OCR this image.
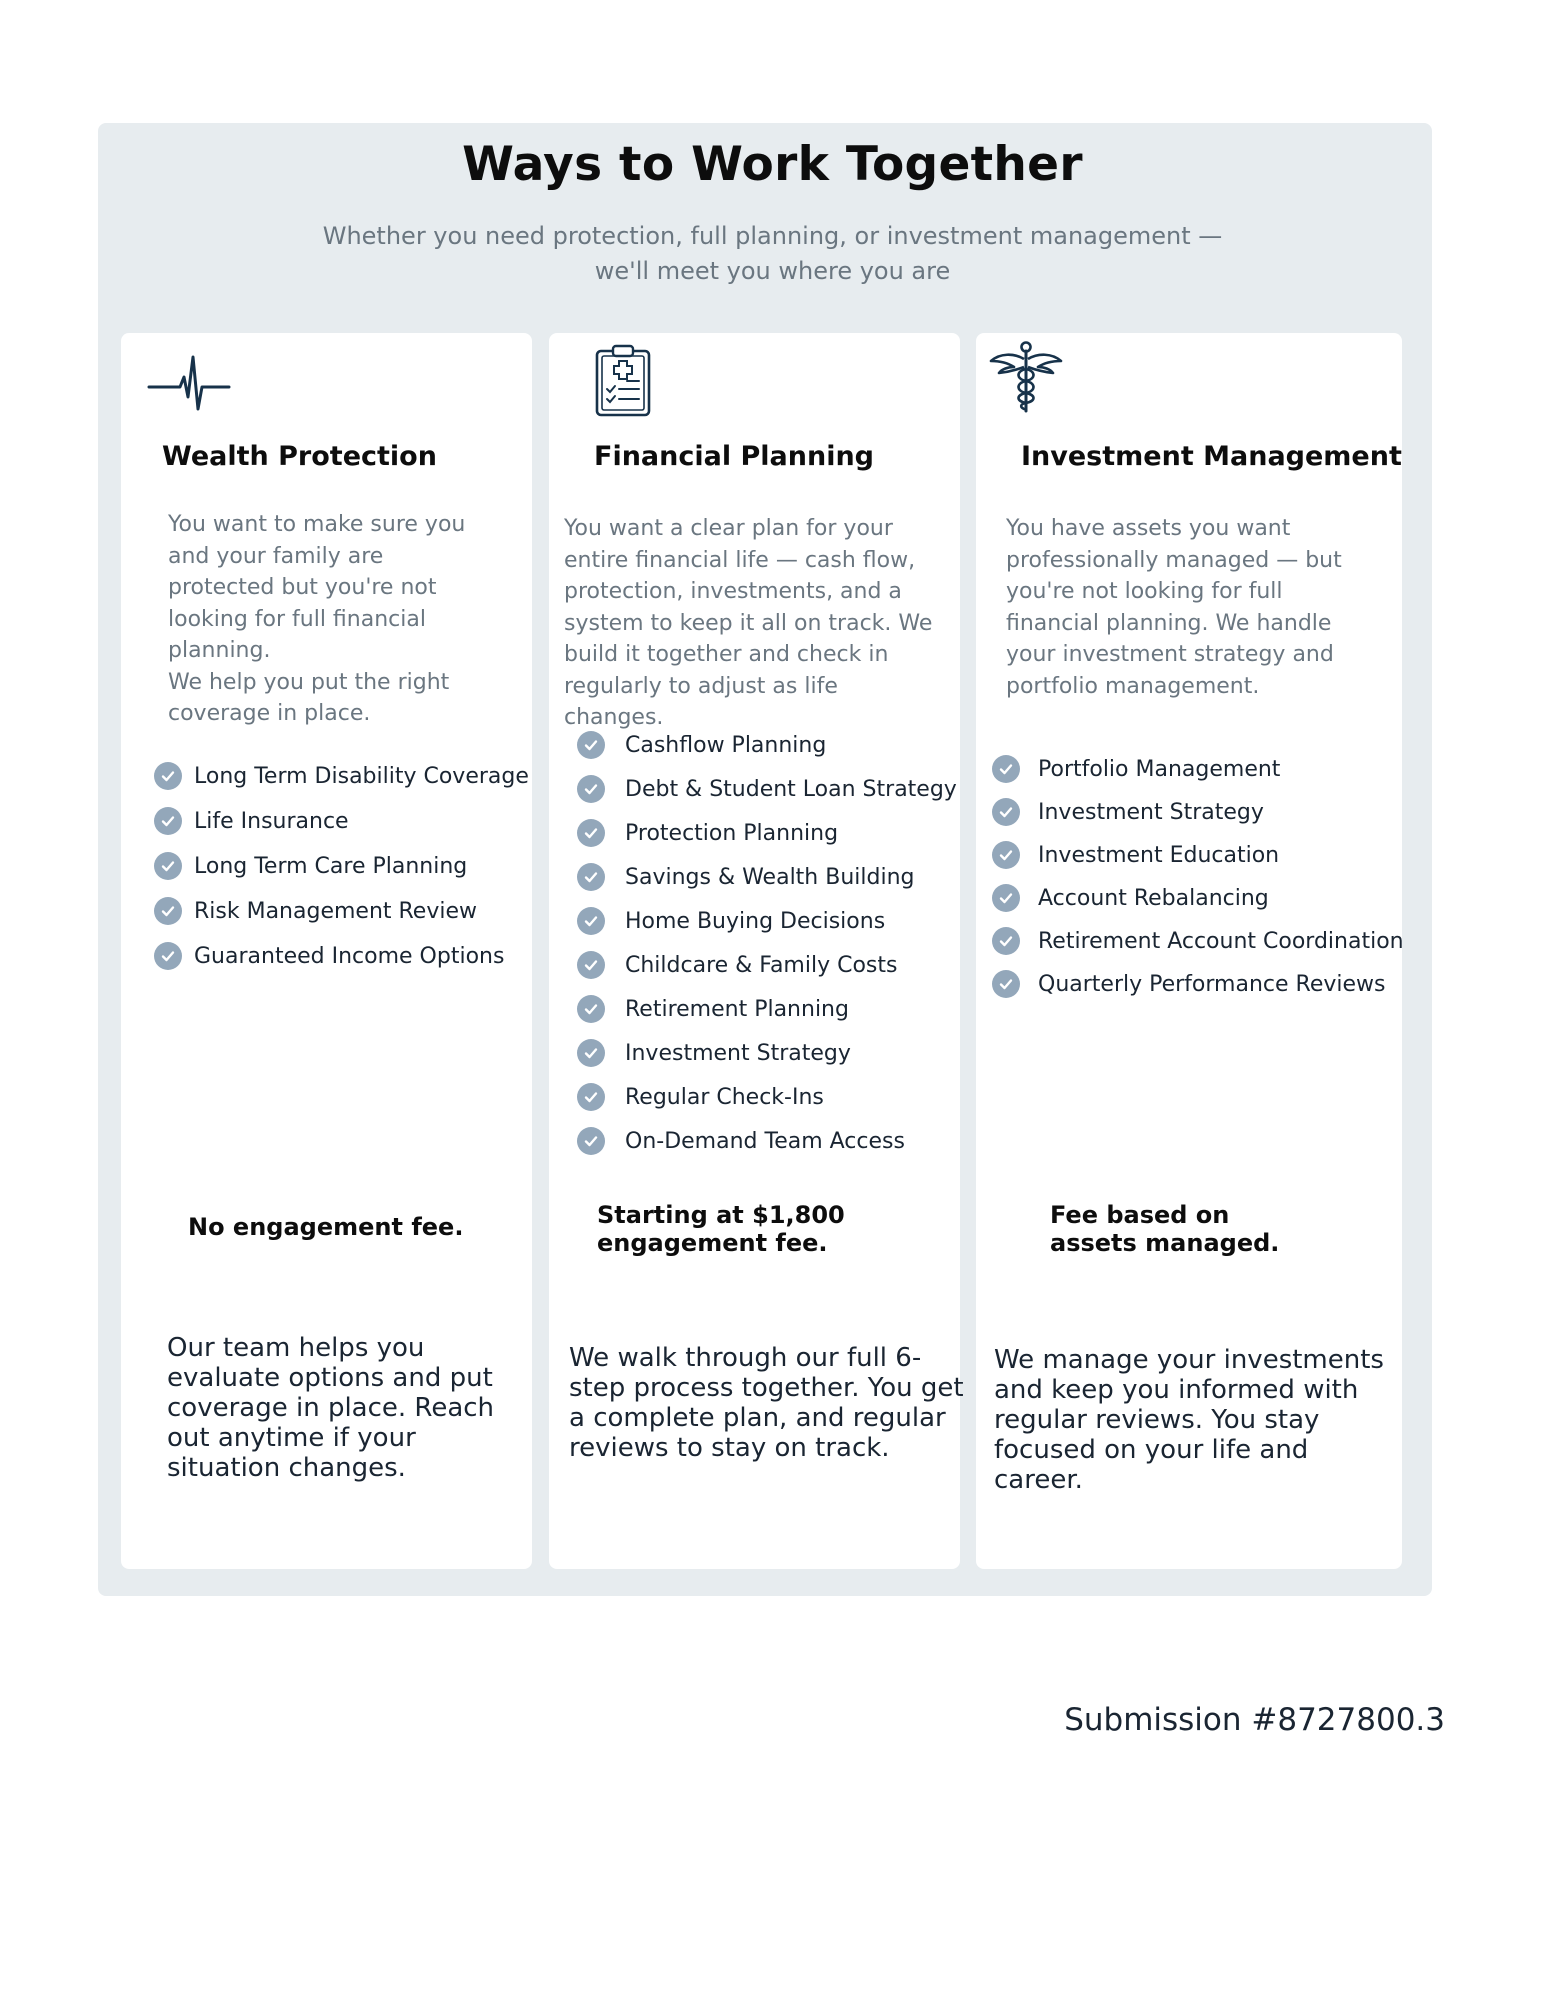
Ways to Work Together
Whether you need protection, full planning, or investment management —
we'll meet you where you are
Wealth Protection
You want to make sure you and your family are protected but you're not looking for full financial planning.
We help you put the right coverage in place.
Long Term Disability Coverage
Life Insurance
Long Term Care Planning
Risk Management Review
Guaranteed Income Options
No engagement fee.
Our team helps you evaluate options and put coverage in place. Reach out anytime if your situation changes.
Financial Planning
You want a clear plan for your entire financial life — cash flow, protection, investments, and a system to keep it all on track. We build it together and check in regularly to adjust as life changes.
Cashflow Planning
Debt & Student Loan Strategy
Protection Planning
Savings & Wealth Building
Home Buying Decisions
Childcare & Family Costs
Retirement Planning
Investment Strategy
Regular Check-Ins
On-Demand Team Access
Starting at $1,800 engagement fee.
We walk through our full 6-step process together. You get a complete plan, and regular reviews to stay on track.
Investment Management
You have assets you want professionally managed — but you're not looking for full financial planning. We handle your investment strategy and portfolio management.
Portfolio Management
Investment Strategy
Investment Education
Account Rebalancing
Retirement Account Coordination
Quarterly Performance Reviews
Fee based on assets managed.
We manage your investments and keep you informed with regular reviews. You stay focused on your life and career.
Submission #8727800.3
